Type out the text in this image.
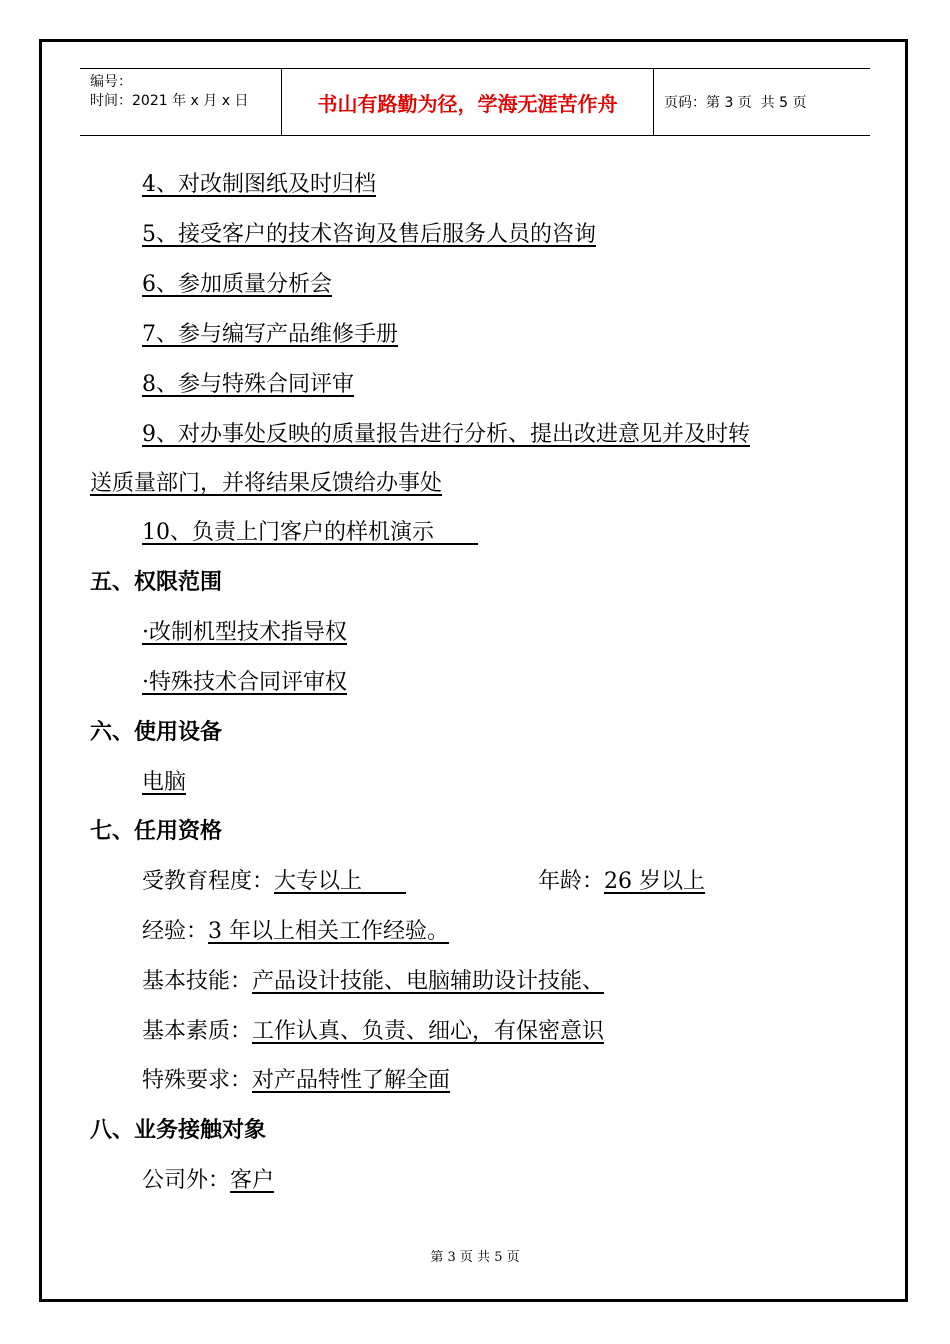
编号：
时间：2021 年 x 月 x 日	书山有路勤为径，学海无涯苦作舟	页码：第 3 页  共 5 页
4、对改制图纸及时归档
5、接受客户的技术咨询及售后服务人员的咨询
6、参加质量分析会
7、参与编写产品维修手册
8、参与特殊合同评审
9、对办事处反映的质量报告进行分析、提出改进意见并及时转
送质量部门，并将结果反馈给办事处
10、负责上门客户的样机演示　　
五、权限范围
·改制机型技术指导权
·特殊技术合同评审权
六、使用设备
电脑
七、任用资格
受教育程度：大专以上　　	年龄：26 岁以上
经验：3 年以上相关工作经验。
基本技能：产品设计技能、电脑辅助设计技能、
基本素质：工作认真、负责、细心，有保密意识
特殊要求：对产品特性了解全面
八、业务接触对象
公司外：客户
第 3 页 共 5 页
